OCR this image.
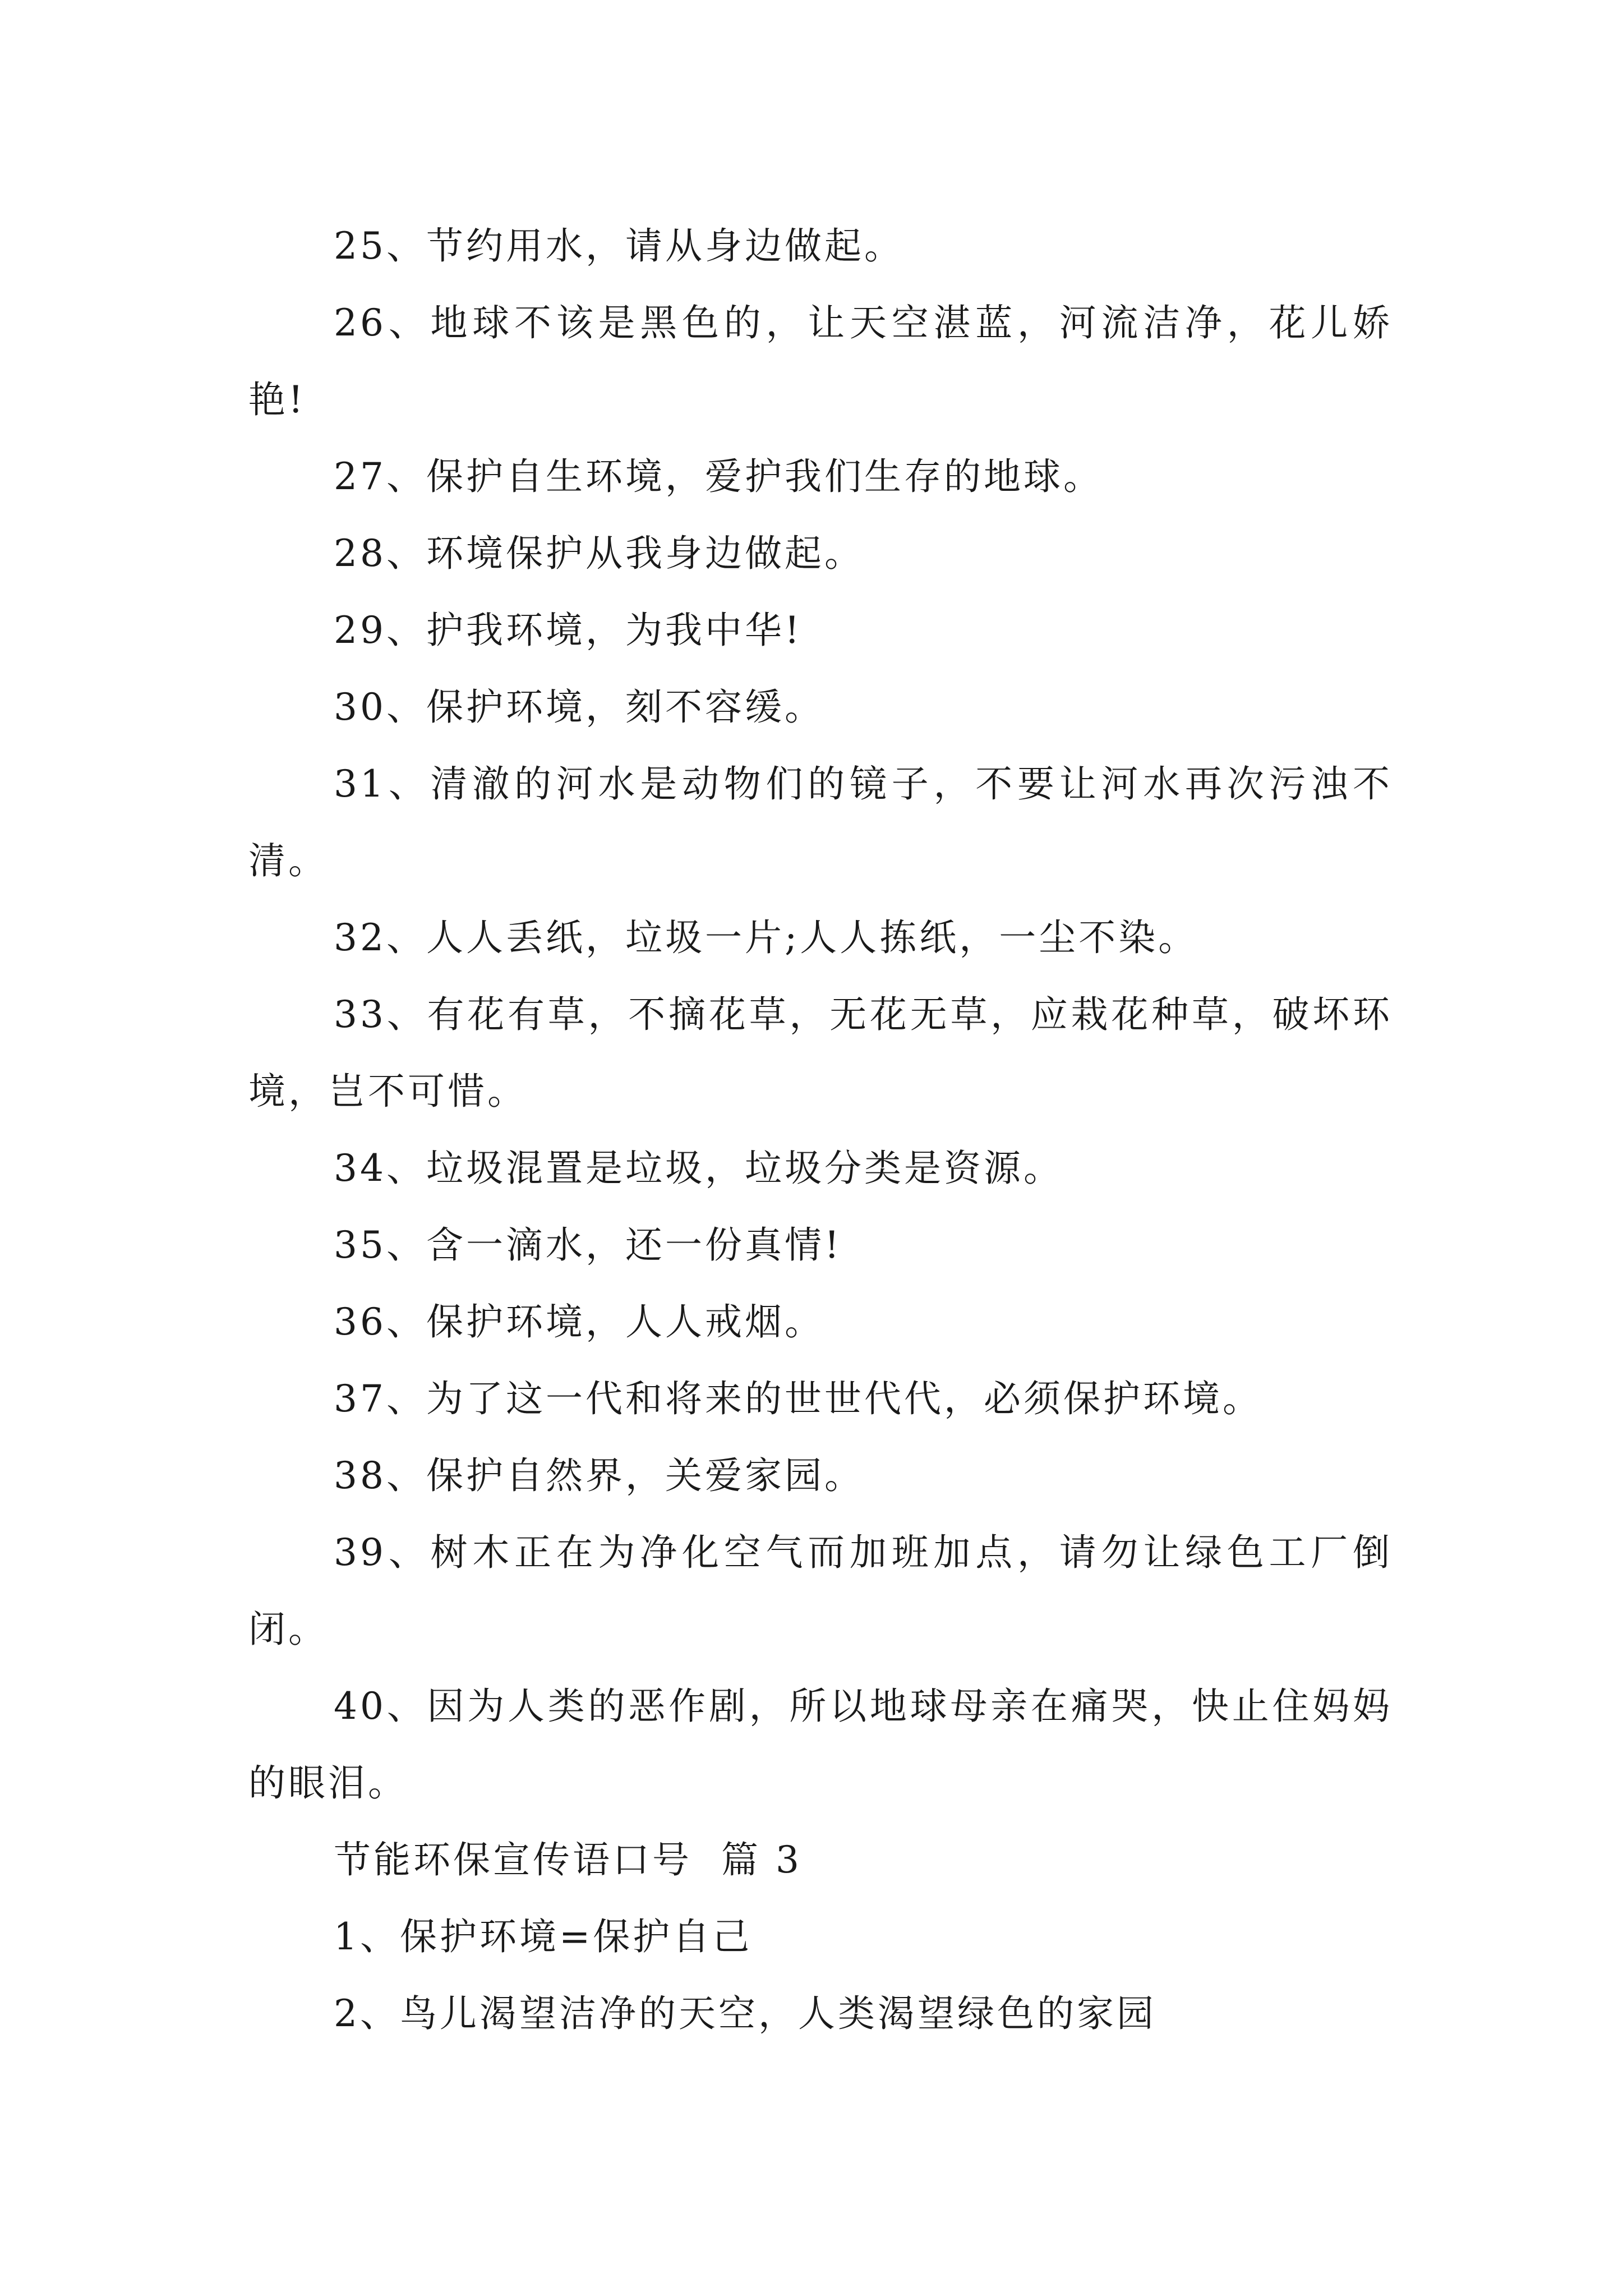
25、节约用水，请从身边做起。

26、地球不该是黑色的，让天空湛蓝，河流洁净，花儿娇艳!

27、保护自生环境，爱护我们生存的地球。

28、环境保护从我身边做起。

29、护我环境，为我中华!

30、保护环境，刻不容缓。

31、清澈的河水是动物们的镜子，不要让河水再次污浊不清。

32、人人丢纸，垃圾一片;人人拣纸，一尘不染。

33、有花有草，不摘花草，无花无草，应栽花种草，破坏环境，岂不可惜。

34、垃圾混置是垃圾，垃圾分类是资源。

35、含一滴水，还一份真情!

36、保护环境，人人戒烟。

37、为了这一代和将来的世世代代，必须保护环境。

38、保护自然界，关爱家园。

39、树木正在为净化空气而加班加点，请勿让绿色工厂倒闭。

40、因为人类的恶作剧，所以地球母亲在痛哭，快止住妈妈的眼泪。

节能环保宣传语口号  篇 3

1、保护环境=保护自己

2、鸟儿渴望洁净的天空，人类渴望绿色的家园
